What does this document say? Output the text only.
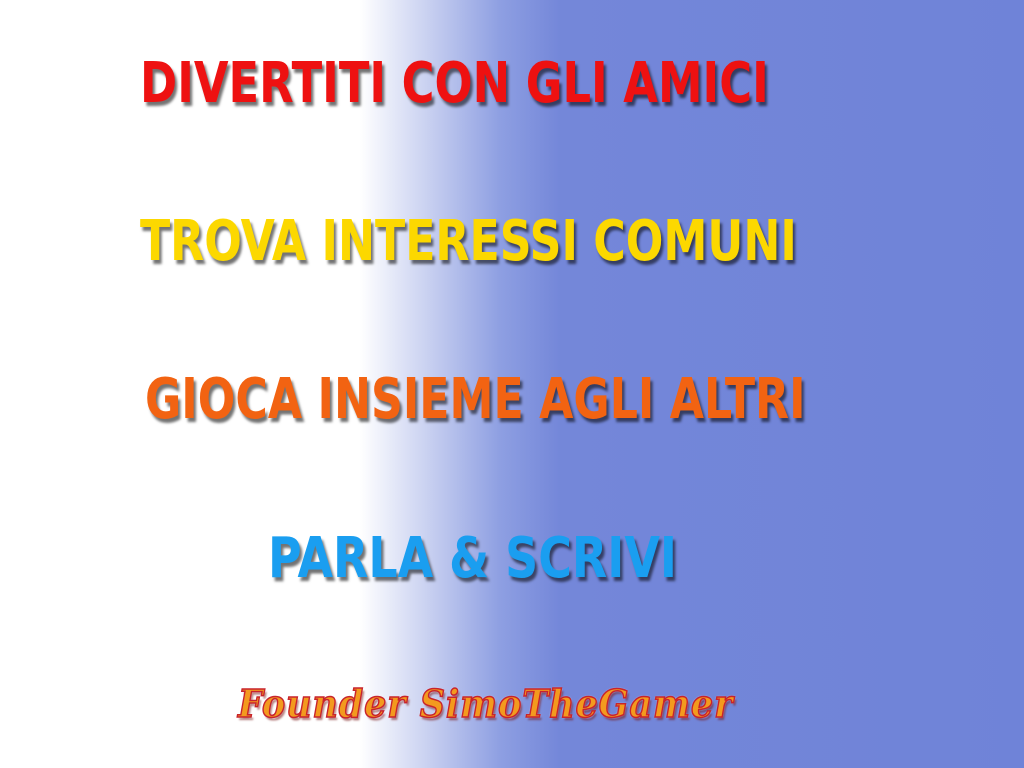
DIVERTITI CON GLI AMICI
TROVA INTERESSI COMUNI
GIOCA INSIEME AGLI ALTRI
PARLA & SCRIVI
Founder SimoTheGamer
